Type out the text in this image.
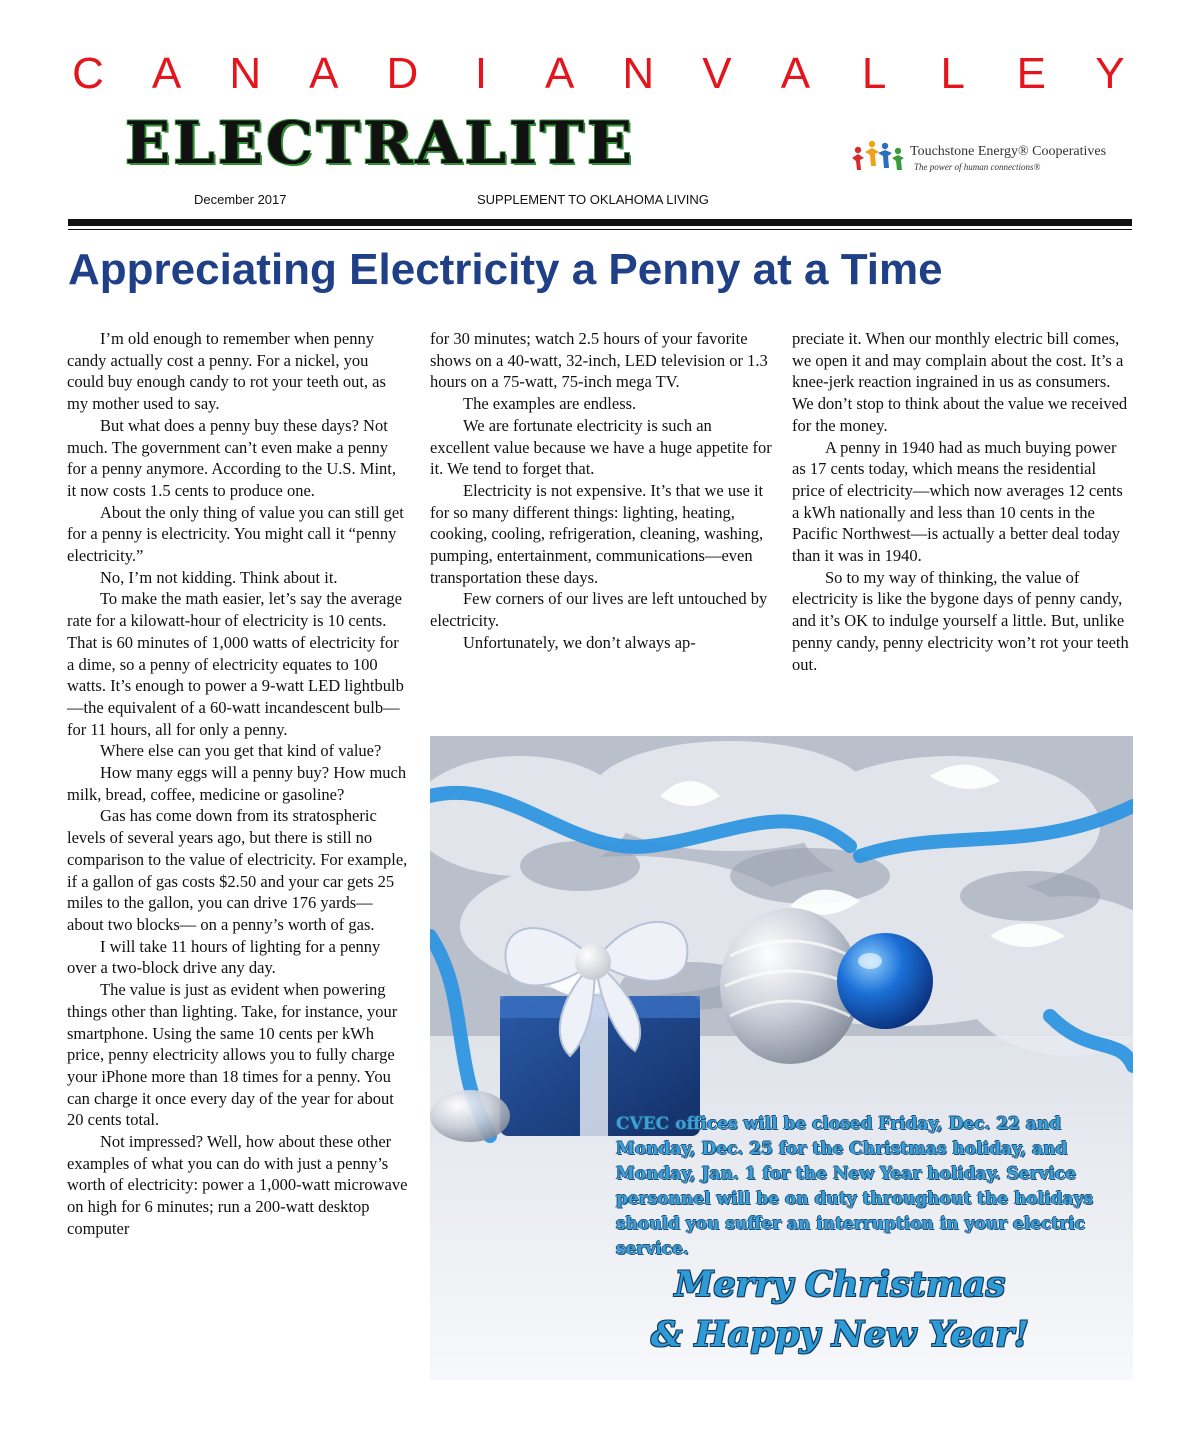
C A N A D	I	A N V A L L E Y
ELECTRALITE	Touchstone Energy® Cooperatives
The power of human connections®
December 2017	SUPPLEMENT TO OKLAHOMA LIVING
Appreciating Electricity a Penny at a Time

I’m old enough to remember when penny candy actually cost a penny. For a nickel, you could buy enough candy to rot your teeth out, as my mother used to say.

But what does a penny buy these days? Not much. The government can’t even make a penny for a penny anymore. According to the U.S. Mint, it now costs 1.5 cents to produce one.

About the only thing of value you can still get for a penny is electricity. You might call it “penny electricity.”

No, I’m not kidding. Think about it.

To make the math easier, let’s say the average rate for a kilowatt-hour of electricity is 10 cents. That is 60 minutes of 1,000 watts of electricity for a dime, so a penny of electricity equates to 100 watts. It’s enough to power a 9-watt LED lightbulb—the equivalent of a 60-watt incandescent bulb—for 11 hours, all for only a penny.

Where else can you get that kind of value?

How many eggs will a penny buy? How much milk, bread, coffee, medicine or gasoline?

Gas has come down from its stratospheric levels of several years ago, but there is still no comparison to the value of electricity. For example, if a gallon of gas costs $2.50 and your car gets 25 miles to the gallon, you can drive 176 yards—about two blocks— on a penny’s worth of gas.

I will take 11 hours of lighting for a penny over a two-block drive any day.

The value is just as evident when powering things other than lighting. Take, for instance, your smartphone. Using the same 10 cents per kWh price, penny electricity allows you to fully charge your iPhone more than 18 times for a penny. You can charge it once every day of the year for about 20 cents total.

Not impressed? Well, how about these other examples of what you can do with just a penny’s worth of electricity: power a 1,000-watt microwave on high for 6 minutes; run a 200-watt desktop computer

for 30 minutes; watch 2.5 hours of your favorite shows on a 40-watt, 32-inch, LED television or 1.3 hours on a 75-watt, 75-inch mega TV.

The examples are endless.

We are fortunate electricity is such an excellent value because we have a huge appetite for it. We tend to forget that.

Electricity is not expensive. It’s that we use it for so many different things: lighting, heating, cooking, cooling, refrigeration, cleaning, washing, pumping, entertainment, communications—even transportation these days.

Few corners of our lives are left untouched by electricity.

Unfortunately, we don’t always ap-

preciate it. When our monthly electric bill comes, we open it and may complain about the cost. It’s a knee-jerk reaction ingrained in us as consumers. We don’t stop to think about the value we received for the money.

A penny in 1940 had as much buying power as 17 cents today, which means the residential price of electricity—which now averages 12 cents a kWh nationally and less than 10 cents in the Pacific Northwest—is actually a better deal today than it was in 1940.

So to my way of thinking, the value of electricity is like the bygone days of penny candy, and it’s OK to indulge yourself a little. But, unlike penny candy, penny electricity won’t rot your teeth out.

CVEC offices will be closed Friday, Dec. 22 and Monday, Dec. 25 for the Christmas holiday, and Monday, Jan. 1 for the New Year holiday. Service personnel will be on duty throughout the holidays should you suffer an interruption in your electric service.
Merry Christmas
& Happy New Year!
